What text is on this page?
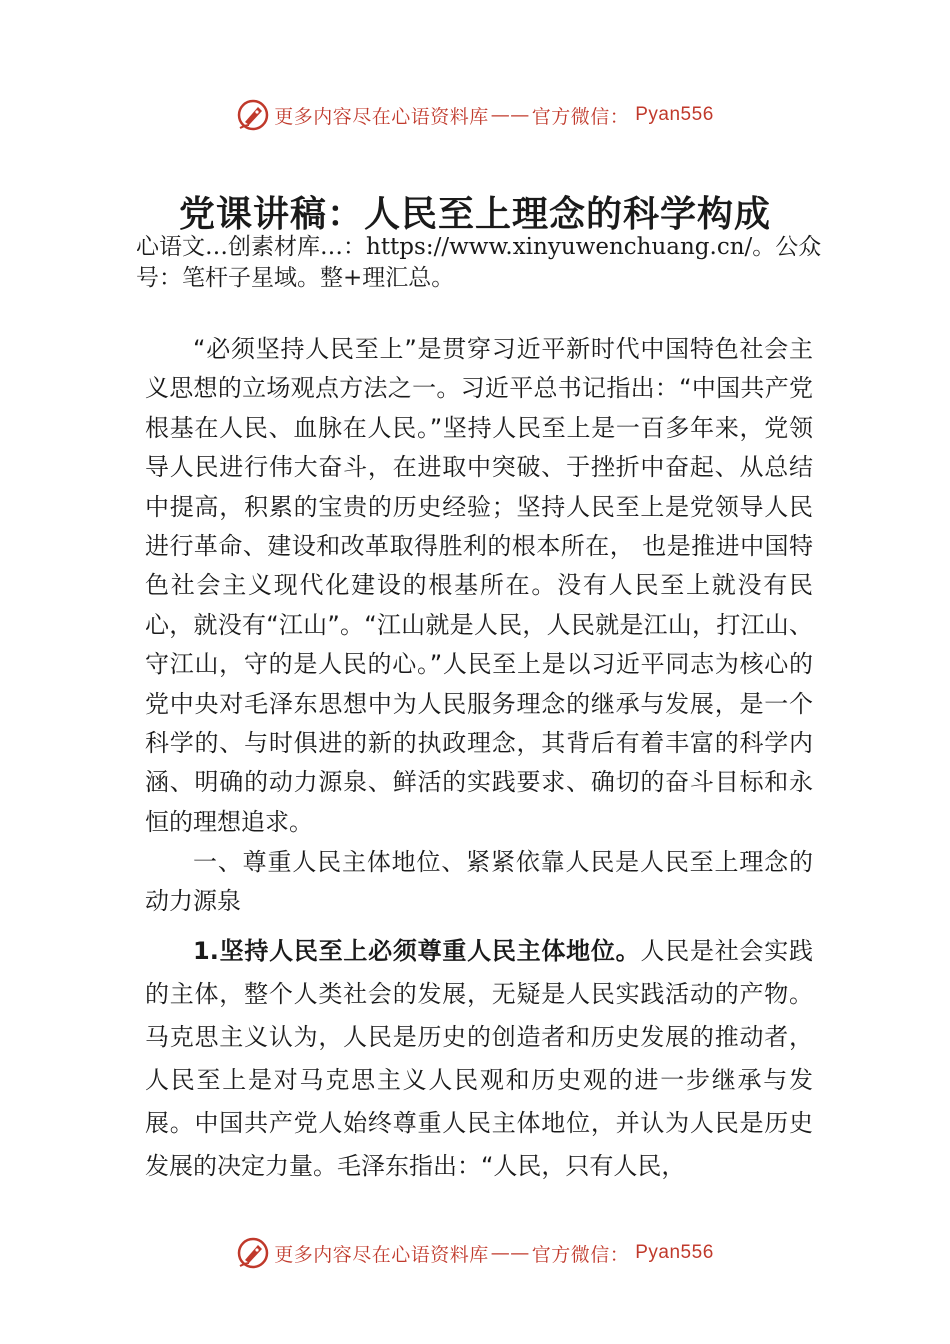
更多内容尽在心语资料库 —— 官方微信： Pyan556
党课讲稿：人民至上理念的科学构成
心语文…创素材库…：https://www.xinyuwenchuang.cn/。公众号：笔杆子星域。整+理汇总。

“必须坚持人民至上”是贯穿习近平新时代中国特色社会主义思想的立场观点方法之一。习近平总书记指出：“中国共产党根基在人民、血脉在人民。”坚持人民至上是一百多年来，党领导人民进行伟大奋斗，在进取中突破、于挫折中奋起、从总结中提高，积累的宝贵的历史经验；坚持人民至上是党领导人民进行革命、建设和改革取得胜利的根本所在， 也是推进中国特色社会主义现代化建设的根基所在。没有人民至上就没有民心，就没有“江山”。“江山就是人民，人民就是江山，打江山、守江山，守的是人民的心。”人民至上是以习近平同志为核心的党中央对毛泽东思想中为人民服务理念的继承与发展，是一个科学的、与时俱进的新的执政理念，其背后有着丰富的科学内涵、明确的动力源泉、鲜活的实践要求、确切的奋斗目标和永恒的理想追求。

一、尊重人民主体地位、紧紧依靠人民是人民至上理念的动力源泉

1.坚持人民至上必须尊重人民主体地位。人民是社会实践的主体，整个人类社会的发展，无疑是人民实践活动的产物。马克思主义认为，人民是历史的创造者和历史发展的推动者，人民至上是对马克思主义人民观和历史观的进一步继承与发展。中国共产党人始终尊重人民主体地位，并认为人民是历史发展的决定力量。毛泽东指出：“人民，只有人民，

更多内容尽在心语资料库 —— 官方微信： Pyan556
